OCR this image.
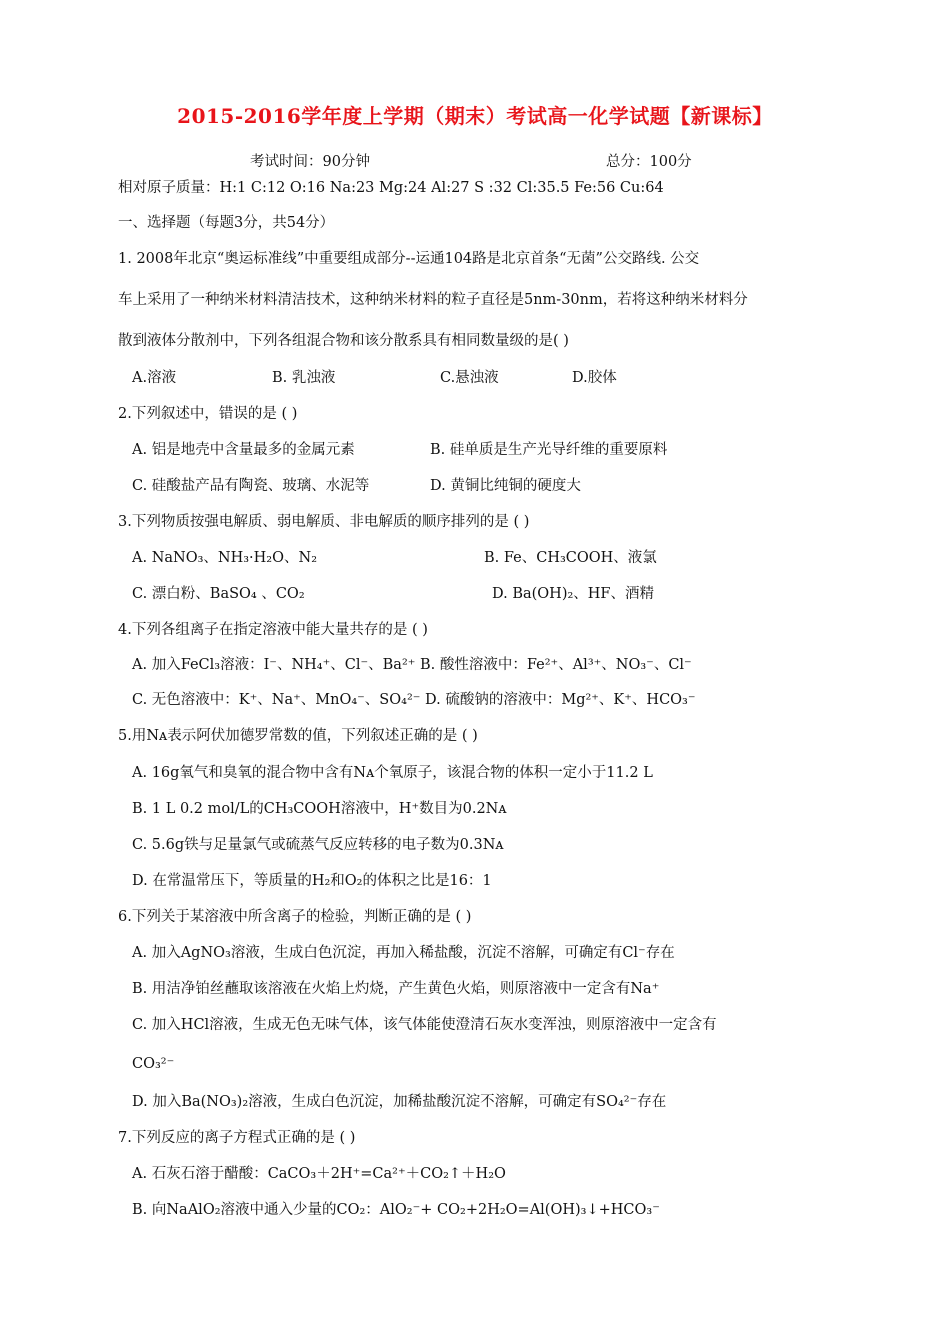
2015-2016学年度上学期（期末）考试高一化学试题【新课标】
考试时间：90分钟	总分：100分
相对原子质量：H:1 C:12 O:16 Na:23 Mg:24 Al:27 S :32 Cl:35.5 Fe:56 Cu:64
一、选择题（每题3分，共54分）
1. 2008年北京“奥运标准线”中重要组成部分--运通104路是北京首条“无菌”公交路线. 公交
车上采用了一种纳米材料清洁技术，这种纳米材料的粒子直径是5nm-30nm，若将这种纳米材料分
散到液体分散剂中，下列各组混合物和该分散系具有相同数量级的是( )
A.溶液	B. 乳浊液	C.悬浊液	D.胶体
2.下列叙述中，错误的是 ( )
A. 铝是地壳中含量最多的金属元素	B. 硅单质是生产光导纤维的重要原料
C. 硅酸盐产品有陶瓷、玻璃、水泥等	D. 黄铜比纯铜的硬度大
3.下列物质按强电解质、弱电解质、非电解质的顺序排列的是 ( )
A. NaNO₃、NH₃·H₂O、N₂	B. Fe、CH₃COOH、液氯
C. 漂白粉、BaSO₄ 、CO₂	D. Ba(OH)₂、HF、酒精
4.下列各组离子在指定溶液中能大量共存的是 ( )
A. 加入FeCl₃溶液：I⁻、NH₄⁺、Cl⁻、Ba²⁺ B. 酸性溶液中：Fe²⁺、Al³⁺、NO₃⁻、Cl⁻
C. 无色溶液中：K⁺、Na⁺、MnO₄⁻、SO₄²⁻ D. 硫酸钠的溶液中：Mg²⁺、K⁺、HCO₃⁻
5.用Nᴀ表示阿伏加德罗常数的值，下列叙述正确的是 ( )
A. 16g氧气和臭氧的混合物中含有Nᴀ个氧原子，该混合物的体积一定小于11.2 L
B. 1 L 0.2 mol/L的CH₃COOH溶液中，H⁺数目为0.2Nᴀ
C. 5.6g铁与足量氯气或硫蒸气反应转移的电子数为0.3Nᴀ
D. 在常温常压下，等质量的H₂和O₂的体积之比是16：1
6.下列关于某溶液中所含离子的检验，判断正确的是 ( )
A. 加入AgNO₃溶液，生成白色沉淀，再加入稀盐酸，沉淀不溶解，可确定有Cl⁻存在
B. 用洁净铂丝蘸取该溶液在火焰上灼烧，产生黄色火焰，则原溶液中一定含有Na⁺
C. 加入HCl溶液，生成无色无味气体，该气体能使澄清石灰水变浑浊，则原溶液中一定含有
CO₃²⁻
D. 加入Ba(NO₃)₂溶液，生成白色沉淀，加稀盐酸沉淀不溶解，可确定有SO₄²⁻存在
7.下列反应的离子方程式正确的是 ( )
A. 石灰石溶于醋酸：CaCO₃＋2H⁺=Ca²⁺＋CO₂↑＋H₂O
B. 向NaAlO₂溶液中通入少量的CO₂：AlO₂⁻+ CO₂+2H₂O=Al(OH)₃↓+HCO₃⁻
